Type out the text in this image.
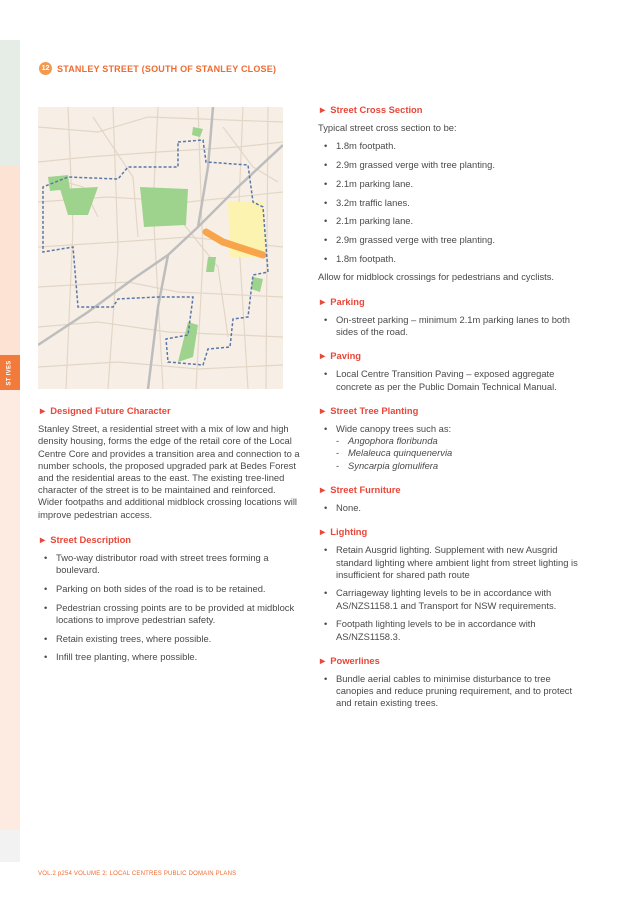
ST IVES
12 STANLEY STREET (SOUTH OF STANLEY CLOSE)
► Designed Future Character

Stanley Street, a residential street with a mix of low and high density housing, forms the edge of the retail core of the Local Centre Core and provides a transition area and connection to a number schools, the proposed upgraded park at Bedes Forest and the residential areas to the east. The existing tree-lined character of the street is to be maintained and reinforced. Wider footpaths and additional midblock crossing locations will improve pedestrian access.

► Street Description
• Two-way distributor road with street trees forming a boulevard.
• Parking on both sides of the road is to be retained.
• Pedestrian crossing points are to be provided at midblock locations to improve pedestrian safety.
• Retain existing trees, where possible.
• Infill tree planting, where possible.
► Street Cross Section

Typical street cross section to be:

• 1.8m footpath.
• 2.9m grassed verge with tree planting.
• 2.1m parking lane.
• 3.2m traffic lanes.
• 2.1m parking lane.
• 2.9m grassed verge with tree planting.
• 1.8m footpath.

Allow for midblock crossings for pedestrians and cyclists.

► Parking
• On-street parking – minimum 2.1m parking lanes to both sides of the road.
► Paving
• Local Centre Transition Paving – exposed aggregate concrete as per the Public Domain Technical Manual.
► Street Tree Planting
• Wide canopy trees such as:
- Angophora floribunda
- Melaleuca quinquenervia
- Syncarpia glomulifera
► Street Furniture
• None.
► Lighting
• Retain Ausgrid lighting. Supplement with new Ausgrid standard lighting where ambient light from street lighting is insufficient for shared path route
• Carriageway lighting levels to be in accordance with AS/NZS1158.1 and Transport for NSW requirements.
• Footpath lighting levels to be in accordance with AS/NZS1158.3.
► Powerlines
• Bundle aerial cables to minimise disturbance to tree canopies and reduce pruning requirement, and to protect and retain existing trees.
VOL.2 p254 VOLUME 2: LOCAL CENTRES PUBLIC DOMAIN PLANS
